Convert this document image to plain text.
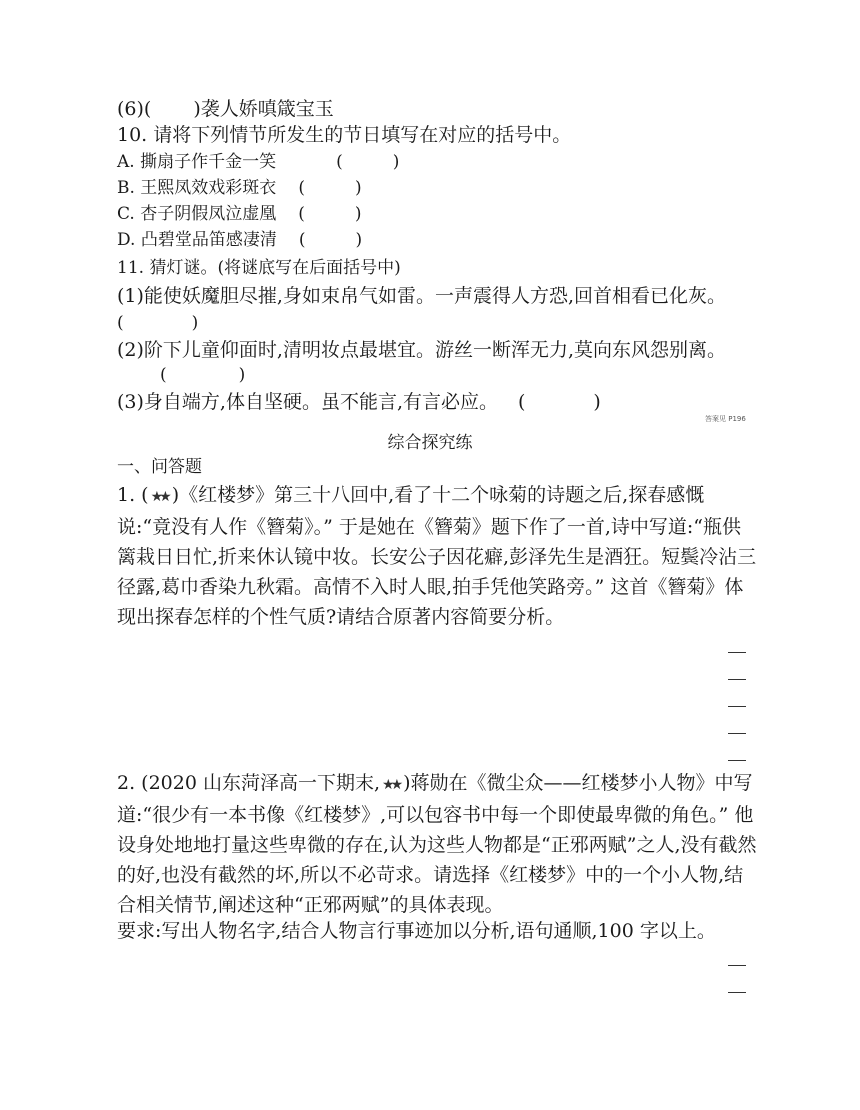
(6)( )袭人娇嗔箴宝玉
10. 请将下列情节所发生的节日填写在对应的括号中。
A. 撕扇子作千金一笑	(	)
B. 王熙凤效戏彩斑衣 (	)
C. 杏子阴假凤泣虚凰 (	)
D. 凸碧堂品笛感凄清 (	)
11. 猜灯谜。(将谜底写在后面括号中)
(1)能使妖魔胆尽摧,身如束帛气如雷。一声震得人方恐,回首相看已化灰。
(	)
(2)阶下儿童仰面时,清明妆点最堪宜。游丝一断浑无力,莫向东风怨别离。
(	)
(3)身自端方,体自坚硬。虽不能言,有言必应。 (	)
答案见 P196
综合探究练
一、问答题
1. ( ★★ )《红楼梦》第三十八回中,看了十二个咏菊的诗题之后,探春感慨说:“竟没有人作《簪菊》。” 于是她在《簪菊》题下作了一首,诗中写道:“瓶供篱栽日日忙,折来休认镜中妆。长安公子因花癖,彭泽先生是酒狂。短鬓冷沾三径露,葛巾香染九秋霜。高情不入时人眼,拍手凭他笑路旁。” 这首《簪菊》体现出探春怎样的个性气质?请结合原著内容简要分析。
2. (2020 山东菏泽高一下期末, ★★ )蒋勋在《微尘众——红楼梦小人物》中写道:“很少有一本书像《红楼梦》,可以包容书中每一个即使最卑微的角色。” 他设身处地地打量这些卑微的存在,认为这些人物都是“正邪两赋”之人,没有截然的好,也没有截然的坏,所以不必苛求。请选择《红楼梦》中的一个小人物,结合相关情节,阐述这种“正邪两赋”的具体表现。
要求:写出人物名字,结合人物言行事迹加以分析,语句通顺,100 字以上。
